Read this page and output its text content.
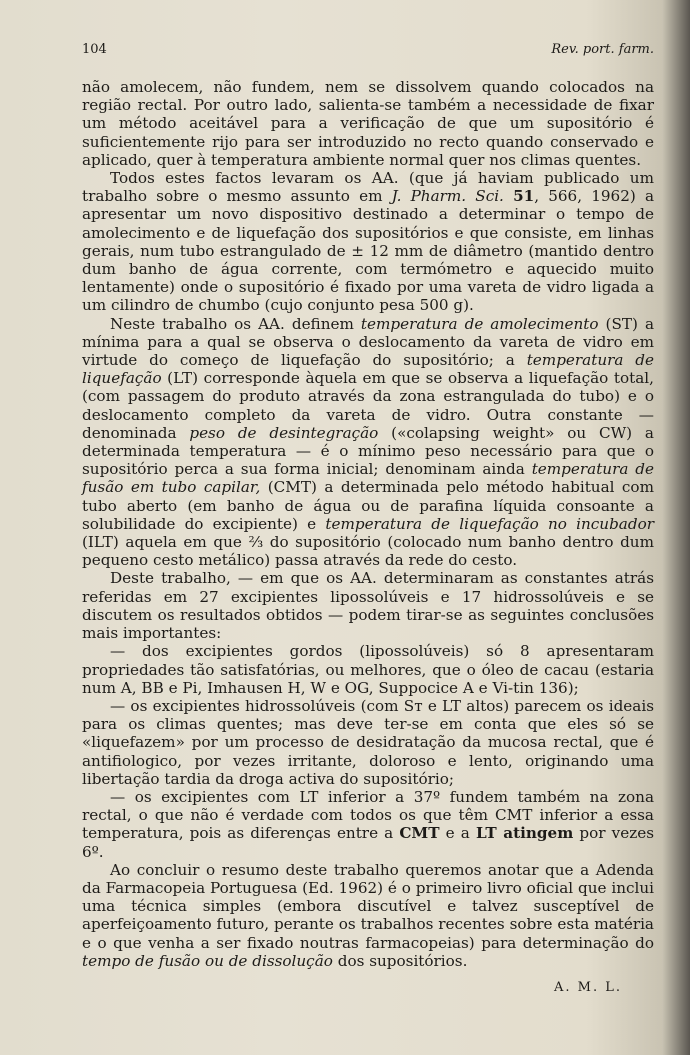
104	Rev. port. farm.

não amolecem, não fundem, nem se dissolvem quando colocados na região rectal. Por outro lado, salienta-se também a necessidade de fixar um método aceitável para a verificação de que um supositório é suficientemente rijo para ser introduzido no recto quando conservado e aplicado, quer à temperatura ambiente normal quer nos climas quentes.

Todos estes factos levaram os AA. (que já haviam publicado um trabalho sobre o mesmo assunto em J. Pharm. Sci. 51, 566, 1962) a apresentar um novo dispositivo destinado a determinar o tempo de amolecimento e de liquefação dos supositórios e que consiste, em linhas gerais, num tubo estrangulado de ± 12 mm de diâmetro (mantido dentro dum banho de água corrente, com termómetro e aquecido muito lentamente) onde o supositório é fixado por uma vareta de vidro ligada a um cilindro de chumbo (cujo conjunto pesa 500 g).

Neste trabalho os AA. definem temperatura de amolecimento (ST) a mínima para a qual se observa o deslocamento da vareta de vidro em virtude do começo de liquefação do supositório; a temperatura de liquefação (LT) corresponde àquela em que se observa a liquefação total, (com passagem do produto através da zona estrangulada do tubo) e o deslocamento completo da vareta de vidro. Outra constante — denominada peso de desintegração («colapsing weight» ou CW) a determinada temperatura — é o mínimo peso necessário para que o supositório perca a sua forma inicial; denominam ainda temperatura de fusão em tubo capilar, (CMT) a determinada pelo método habitual com tubo aberto (em banho de água ou de parafina líquida consoante a solubilidade do excipiente) e temperatura de liquefação no incubador (ILT) aquela em que ⅔ do supositório (colocado num banho dentro dum pequeno cesto metálico) passa através da rede do cesto.

Deste trabalho, — em que os AA. determinaram as constantes atrás referidas em 27 excipientes lipossolúveis e 17 hidrossolúveis e se discutem os resultados obtidos — podem tirar-se as seguintes conclusões mais importantes:

— dos excipientes gordos (lipossolúveis) só 8 apresentaram propriedades tão satisfatórias, ou melhores, que o óleo de cacau (estaria num A, BB e Pi, Imhausen H, W e OG, Suppocice A e Vi-tin 136);

— os excipientes hidrossolúveis (com Sᴛ e LT altos) parecem os ideais para os climas quentes; mas deve ter-se em conta que eles só se «liquefazem» por um processo de desidratação da mucosa rectal, que é antifiologico, por vezes irritante, doloroso e lento, originando uma libertação tardia da droga activa do supositório;

— os excipientes com LT inferior a 37º fundem também na zona rectal, o que não é verdade com todos os que têm CMT inferior a essa temperatura, pois as diferenças entre a CMT e a LT atingem por vezes 6º.

Ao concluir o resumo deste trabalho queremos anotar que a Adenda da Farmacopeia Portuguesa (Ed. 1962) é o primeiro livro oficial que inclui uma técnica simples (embora discutível e talvez susceptível de aperfeiçoamento futuro, perante os trabalhos recentes sobre esta matéria e o que venha a ser fixado noutras farmacopeias) para determinação do tempo de fusão ou de dissolução dos supositórios.

A. M. L.
